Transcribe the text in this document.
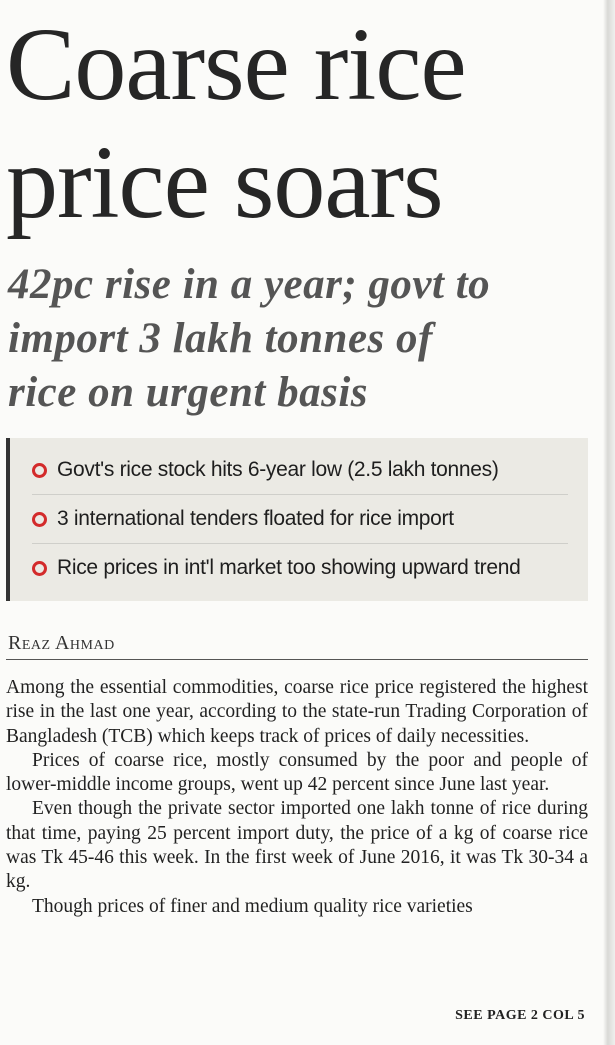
Coarse rice
price soars
42pc rise in a year; govt to
import 3 lakh tonnes of
rice on urgent basis
Govt's rice stock hits 6-year low (2.5 lakh tonnes)
3 international tenders floated for rice import
Rice prices in int'l market too showing upward trend
Reaz Ahmad

Among the essential commodities, coarse rice price registered the highest rise in the last one year, according to the state-run Trading Corporation of Bangladesh (TCB) which keeps track of prices of daily necessities.

Prices of coarse rice, mostly consumed by the poor and people of lower-middle income groups, went up 42 percent since June last year.

Even though the private sector imported one lakh tonne of rice during that time, paying 25 percent import duty, the price of a kg of coarse rice was Tk 45-46 this week. In the first week of June 2016, it was Tk 30-34 a kg.

Though prices of finer and medium quality rice varieties

SEE PAGE 2 COL 5
